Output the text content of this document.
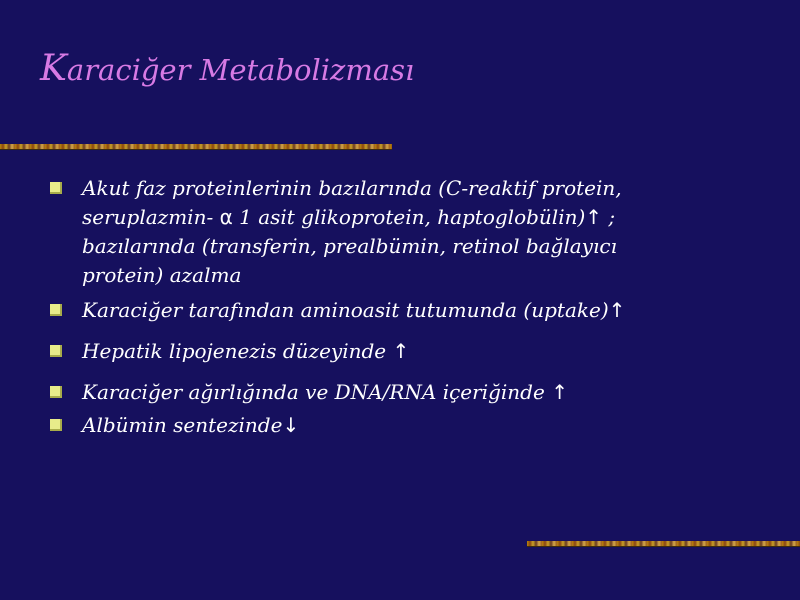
Karaciğer Metabolizması
Akut faz proteinlerinin bazılarında (C-reaktif protein,
seruplazmin- α 1 asit glikoprotein, haptoglobülin)↑ ;
bazılarında (transferin, prealbümin, retinol bağlayıcı
protein) azalma
Karaciğer tarafından aminoasit tutumunda (uptake)↑
Hepatik lipojenezis düzeyinde ↑
Karaciğer ağırlığında ve DNA/RNA içeriğinde ↑
Albümin sentezinde↓
